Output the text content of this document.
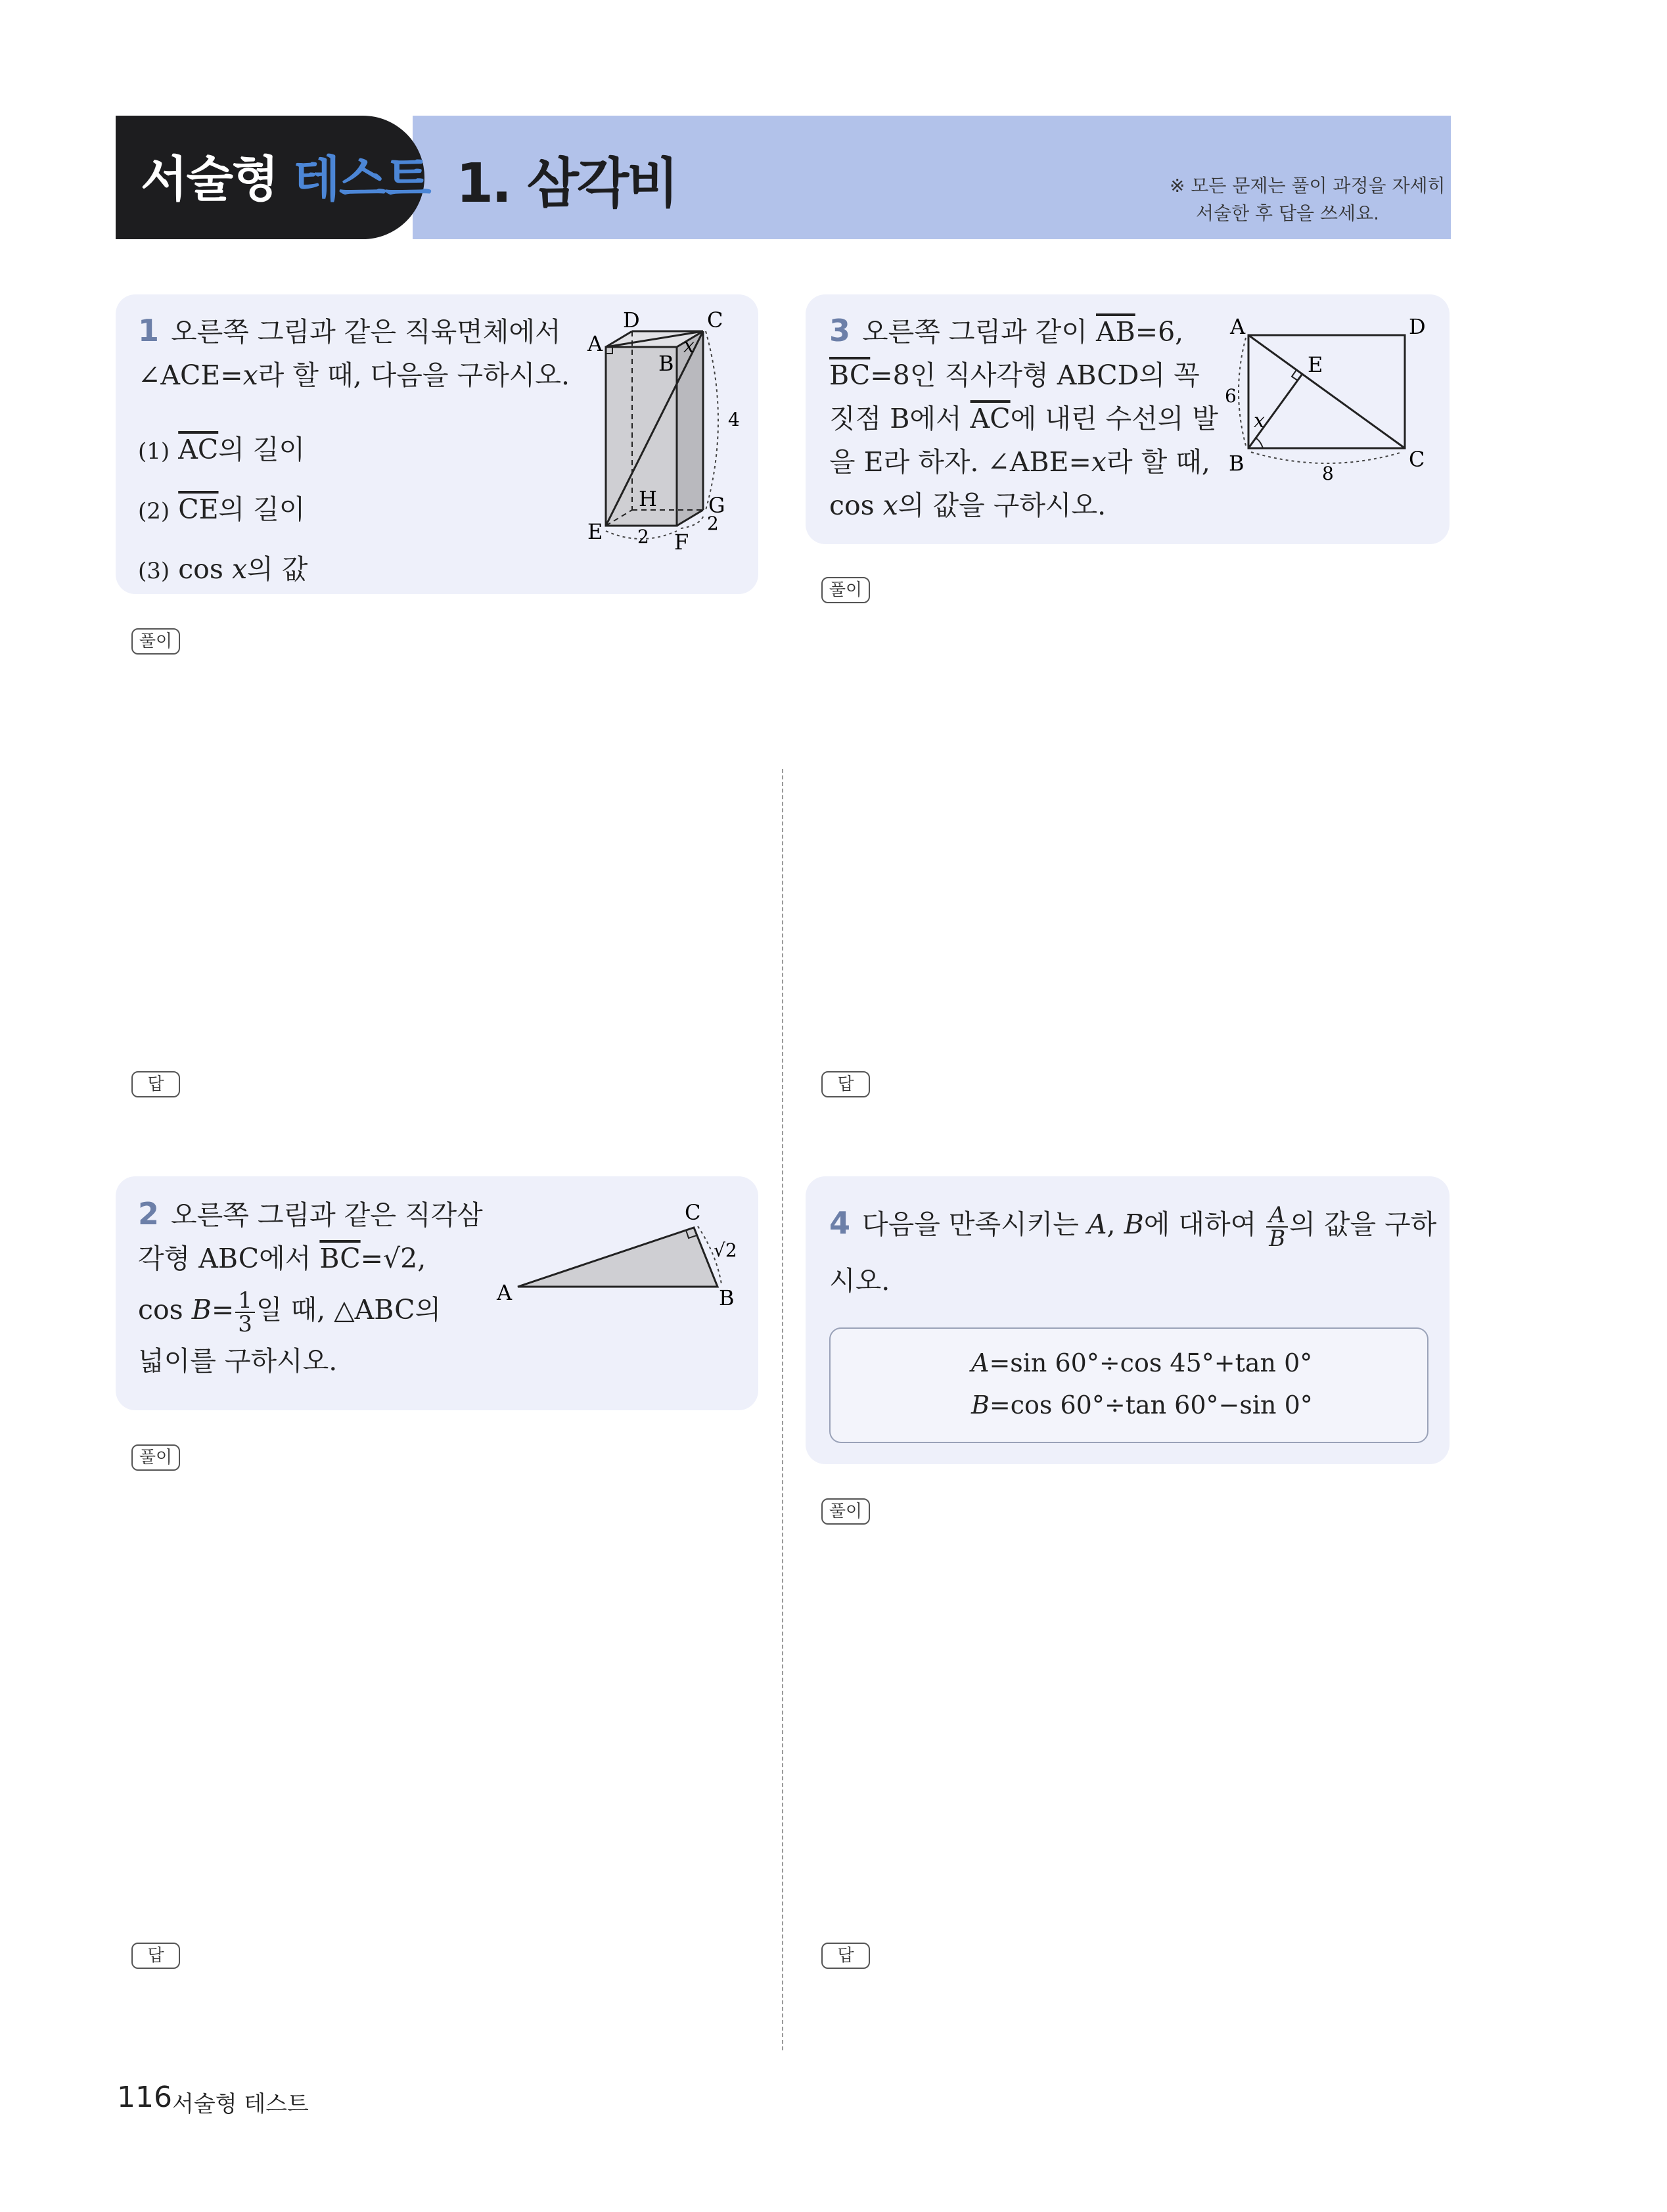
서술형 테스트 1. 삼각비	※ 모든 문제는 풀이 과정을 자세히
서술한 후 답을 쓰세요.
1 오른쪽 그림과 같은 직육면체에서
∠ACE=𝑥라 할 때, 다음을 구하시오.
(1) $\overline{AC}$의 길이
(2) $\overline{CE}$의 길이
(3) cos 𝑥의 값
D	C
A
B
x
4
H G
E 2
2
F
풀이
답
3 오른쪽 그림과 같이 $\overline{AB}=6$,
$\overline{BC}=8$인 직사각형 ABCD의 꼭
짓점 B에서 $\overline{AC}$에 내린 수선의 발
을 E라 하자. ∠ABE=𝑥라 할 때,
cos 𝑥의 값을 구하시오.
A	D
E
6
x
B	8
C
풀이
답
2 오른쪽 그림과 같은 직각삼
각형 ABC에서 $\overline{BC}=√2$,
cos 𝐵= $\frac{1}{3}$ 일 때, △ABC의
넓이를 구하시오.
A
C
B
√2
풀이
답
4 다음을 만족시키는 𝐴, 𝐵에 대하여 $\frac{A}{B}$ 의 값을 구하
시오.
𝐴=sin 60°÷cos 45°+tan 0°
𝐵=cos 60°÷tan 60°−sin 0°
풀이
답
116 서술형 테스트
